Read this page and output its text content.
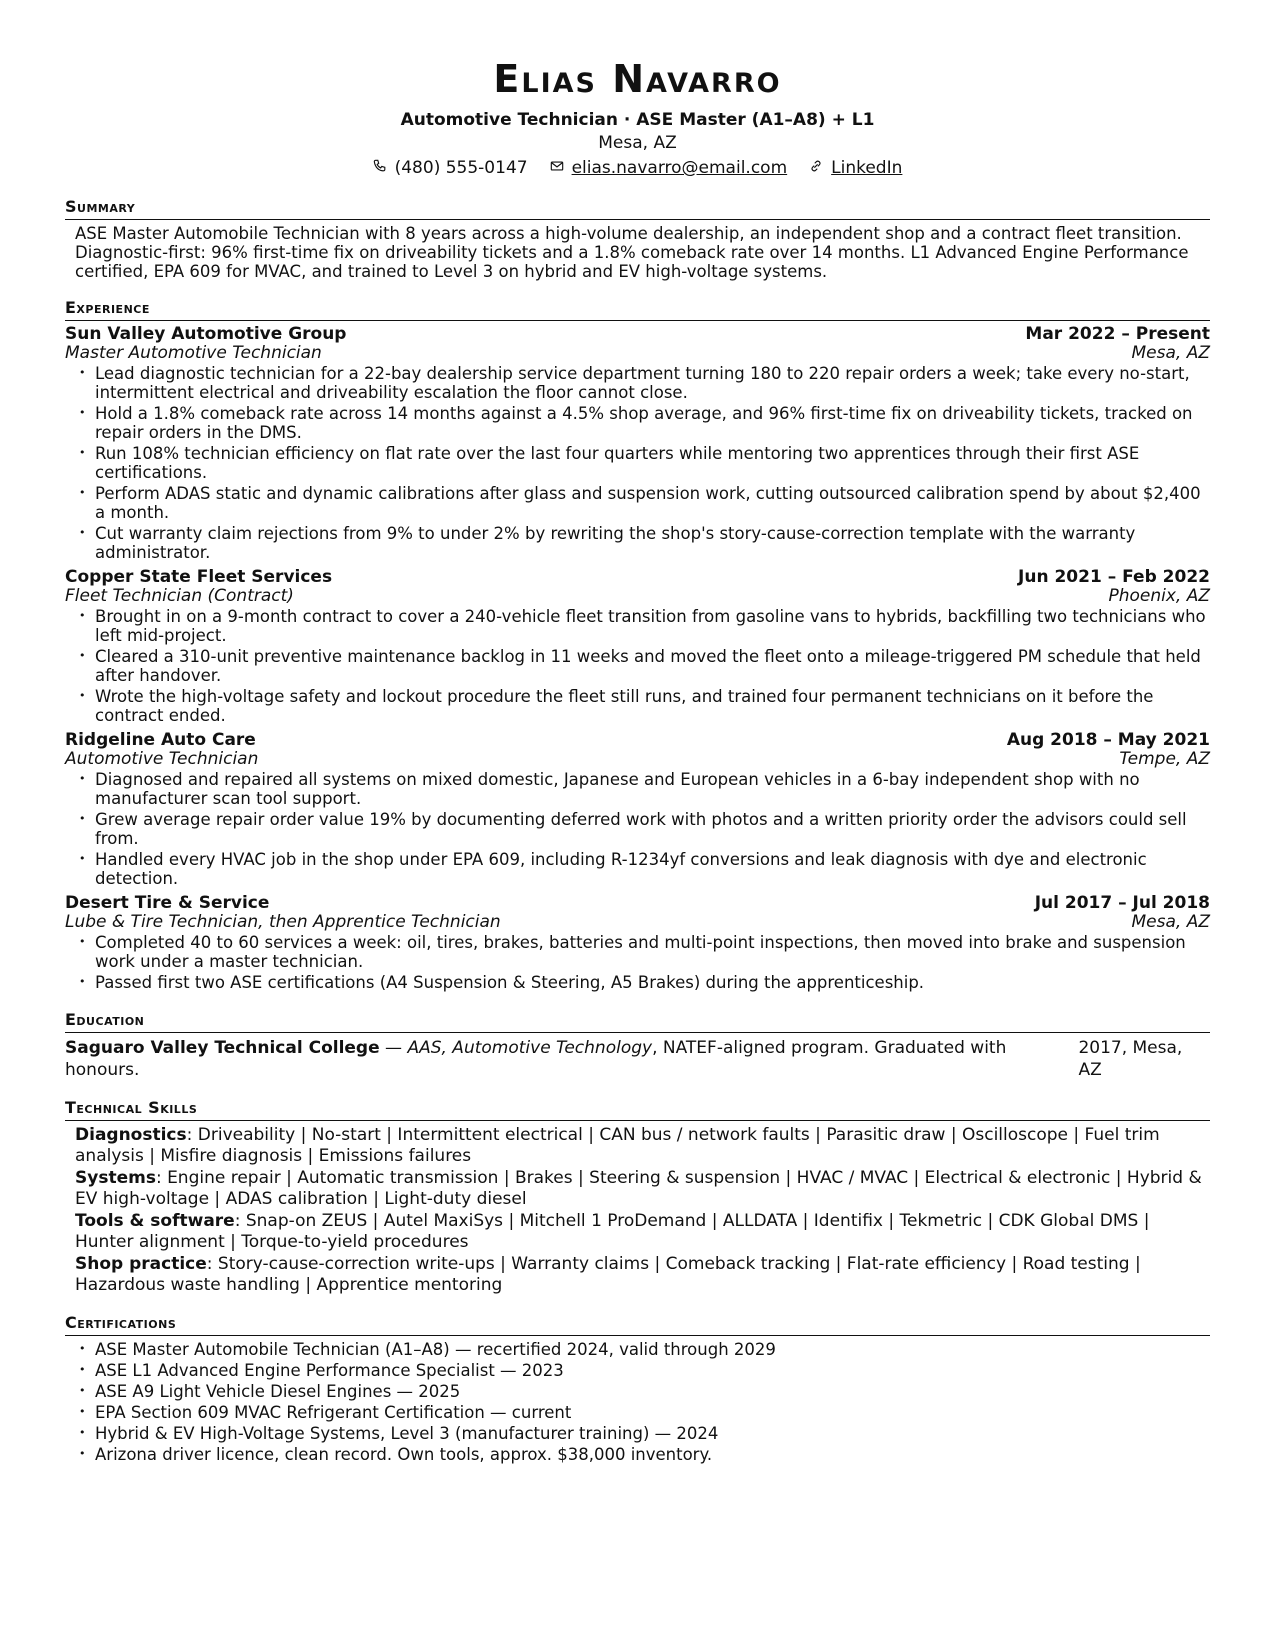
Elias Navarro
Automotive Technician · ASE Master (A1–A8) + L1
Mesa, AZ
(480) 555-0147	elias.navarro@email.com	LinkedIn
Summary
ASE Master Automobile Technician with 8 years across a high-volume dealership, an independent shop and a contract fleet transition. Diagnostic-first: 96% first-time fix on driveability tickets and a 1.8% comeback rate over 14 months. L1 Advanced Engine Performance certified, EPA 609 for MVAC, and trained to Level 3 on hybrid and EV high-voltage systems.
Experience
Sun Valley Automotive Group	Mar 2022 – Present
Master Automotive Technician	Mesa, AZ
• Lead diagnostic technician for a 22-bay dealership service department turning 180 to 220 repair orders a week; take every no-start, intermittent electrical and driveability escalation the floor cannot close.
• Hold a 1.8% comeback rate across 14 months against a 4.5% shop average, and 96% first-time fix on driveability tickets, tracked on repair orders in the DMS.
• Run 108% technician efficiency on flat rate over the last four quarters while mentoring two apprentices through their first ASE certifications.
• Perform ADAS static and dynamic calibrations after glass and suspension work, cutting outsourced calibration spend by about $2,400 a month.
• Cut warranty claim rejections from 9% to under 2% by rewriting the shop's story-cause-correction template with the warranty administrator.
Copper State Fleet Services	Jun 2021 – Feb 2022
Fleet Technician (Contract)	Phoenix, AZ
• Brought in on a 9-month contract to cover a 240-vehicle fleet transition from gasoline vans to hybrids, backfilling two technicians who left mid-project.
• Cleared a 310-unit preventive maintenance backlog in 11 weeks and moved the fleet onto a mileage-triggered PM schedule that held after handover.
• Wrote the high-voltage safety and lockout procedure the fleet still runs, and trained four permanent technicians on it before the contract ended.
Ridgeline Auto Care	Aug 2018 – May 2021
Automotive Technician	Tempe, AZ
• Diagnosed and repaired all systems on mixed domestic, Japanese and European vehicles in a 6-bay independent shop with no manufacturer scan tool support.
• Grew average repair order value 19% by documenting deferred work with photos and a written priority order the advisors could sell from.
• Handled every HVAC job in the shop under EPA 609, including R-1234yf conversions and leak diagnosis with dye and electronic detection.
Desert Tire & Service	Jul 2017 – Jul 2018
Lube & Tire Technician, then Apprentice Technician	Mesa, AZ
• Completed 40 to 60 services a week: oil, tires, brakes, batteries and multi-point inspections, then moved into brake and suspension work under a master technician.
• Passed first two ASE certifications (A4 Suspension & Steering, A5 Brakes) during the apprenticeship.
Education
Saguaro Valley Technical College — AAS, Automotive Technology, NATEF-aligned program. Graduated with honours.
2017, Mesa, AZ
Technical Skills
Diagnostics: Driveability | No-start | Intermittent electrical | CAN bus / network faults | Parasitic draw | Oscilloscope | Fuel trim analysis | Misfire diagnosis | Emissions failures
Systems: Engine repair | Automatic transmission | Brakes | Steering & suspension | HVAC / MVAC | Electrical & electronic | Hybrid & EV high-voltage | ADAS calibration | Light-duty diesel
Tools & software: Snap-on ZEUS | Autel MaxiSys | Mitchell 1 ProDemand | ALLDATA | Identifix | Tekmetric | CDK Global DMS | Hunter alignment | Torque-to-yield procedures
Shop practice: Story-cause-correction write-ups | Warranty claims | Comeback tracking | Flat-rate efficiency | Road testing | Hazardous waste handling | Apprentice mentoring
Certifications
• ASE Master Automobile Technician (A1–A8) — recertified 2024, valid through 2029
• ASE L1 Advanced Engine Performance Specialist — 2023
• ASE A9 Light Vehicle Diesel Engines — 2025
• EPA Section 609 MVAC Refrigerant Certification — current
• Hybrid & EV High-Voltage Systems, Level 3 (manufacturer training) — 2024
• Arizona driver licence, clean record. Own tools, approx. $38,000 inventory.
